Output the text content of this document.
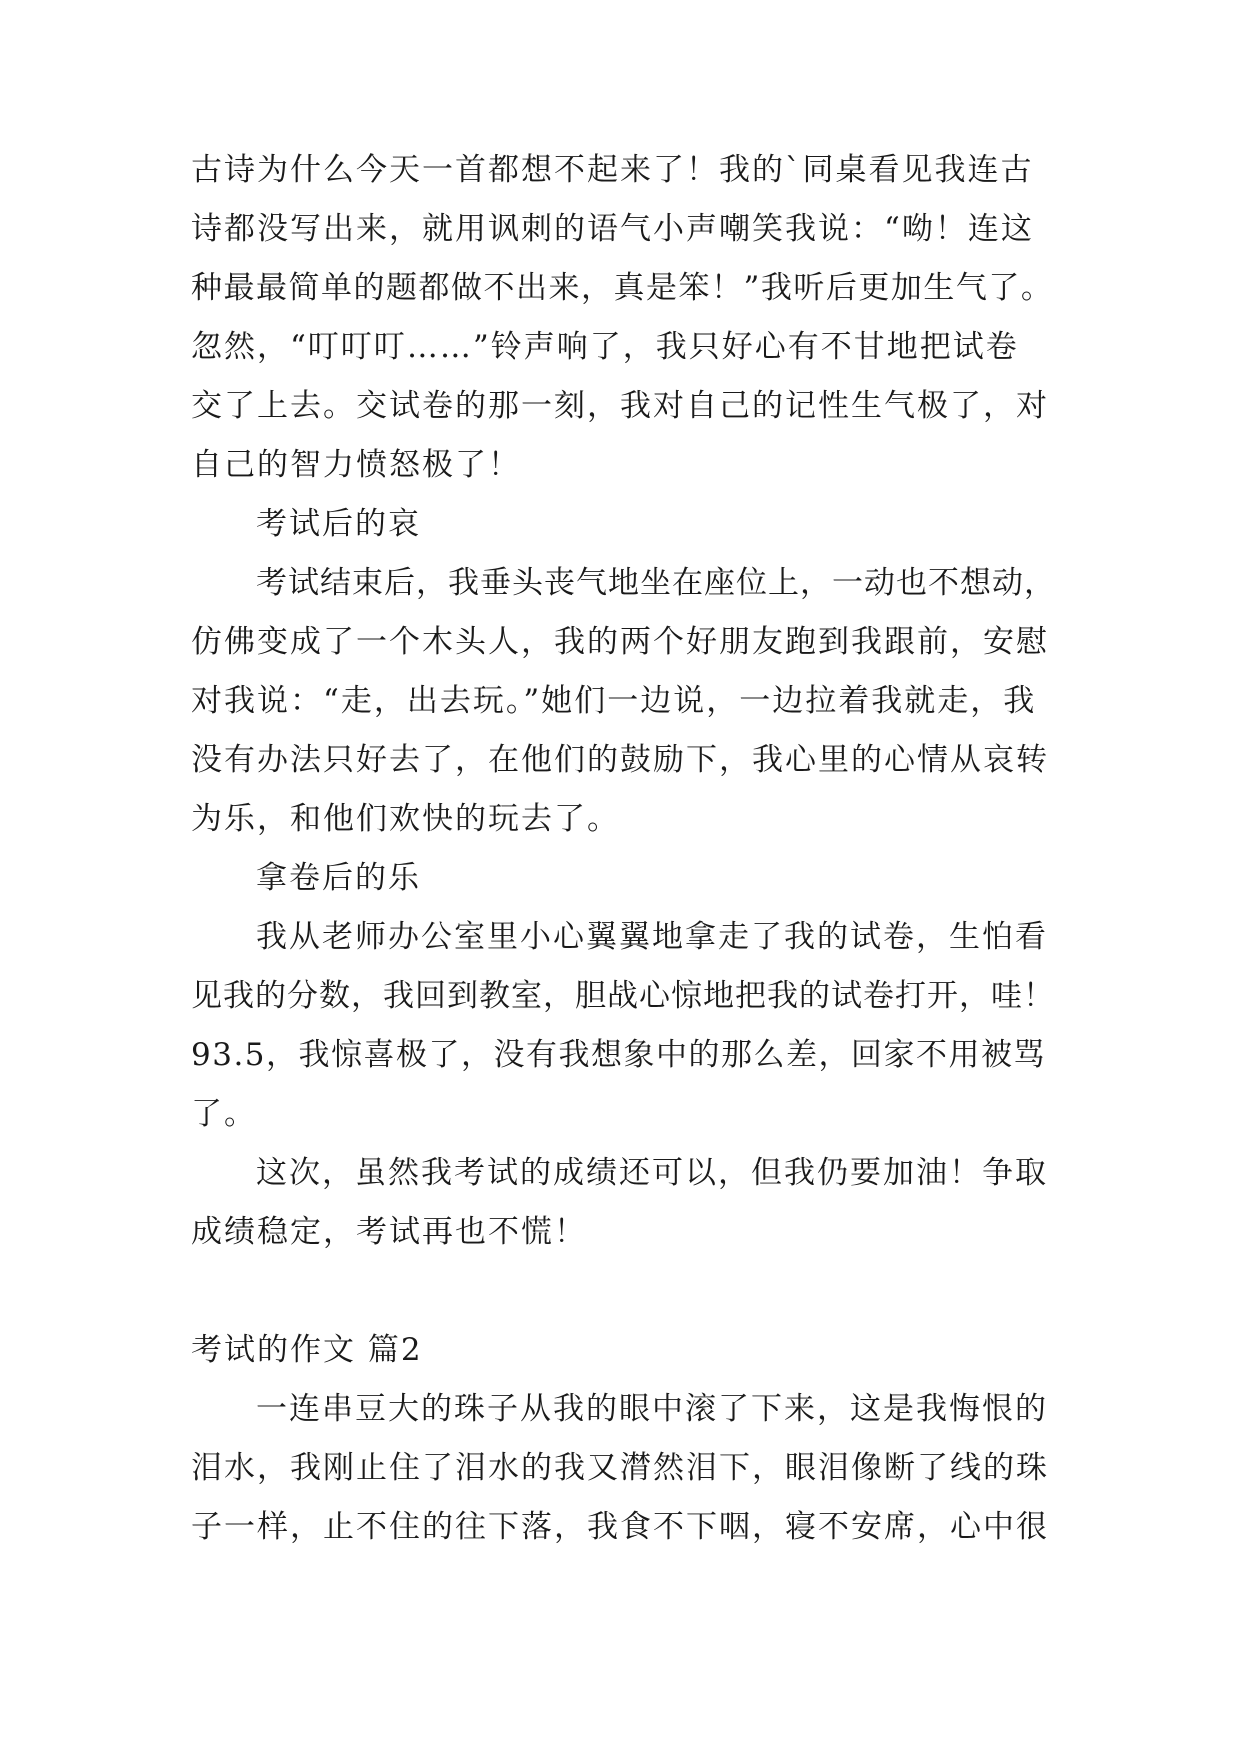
古诗为什么今天一首都想不起来了！我的`同桌看见我连古
诗都没写出来，就用讽刺的语气小声嘲笑我说：“呦！连这
种最最简单的题都做不出来，真是笨！”我听后更加生气了。
忽然，“叮叮叮……”铃声响了，我只好心有不甘地把试卷
交了上去。交试卷的那一刻，我对自己的记性生气极了，对
自己的智力愤怒极了！
考试后的哀
考试结束后，我垂头丧气地坐在座位上，一动也不想动，
仿佛变成了一个木头人，我的两个好朋友跑到我跟前，安慰
对我说：“走，出去玩。”她们一边说，一边拉着我就走，我
没有办法只好去了，在他们的鼓励下，我心里的心情从哀转
为乐，和他们欢快的玩去了。
拿卷后的乐
我从老师办公室里小心翼翼地拿走了我的试卷，生怕看
见我的分数，我回到教室，胆战心惊地把我的试卷打开，哇！
93.5，我惊喜极了，没有我想象中的那么差，回家不用被骂
了。
这次，虽然我考试的成绩还可以，但我仍要加油！争取
成绩稳定，考试再也不慌！
考试的作文 篇2
一连串豆大的珠子从我的眼中滚了下来，这是我悔恨的
泪水，我刚止住了泪水的我又潸然泪下，眼泪像断了线的珠
子一样，止不住的往下落，我食不下咽，寝不安席，心中很
